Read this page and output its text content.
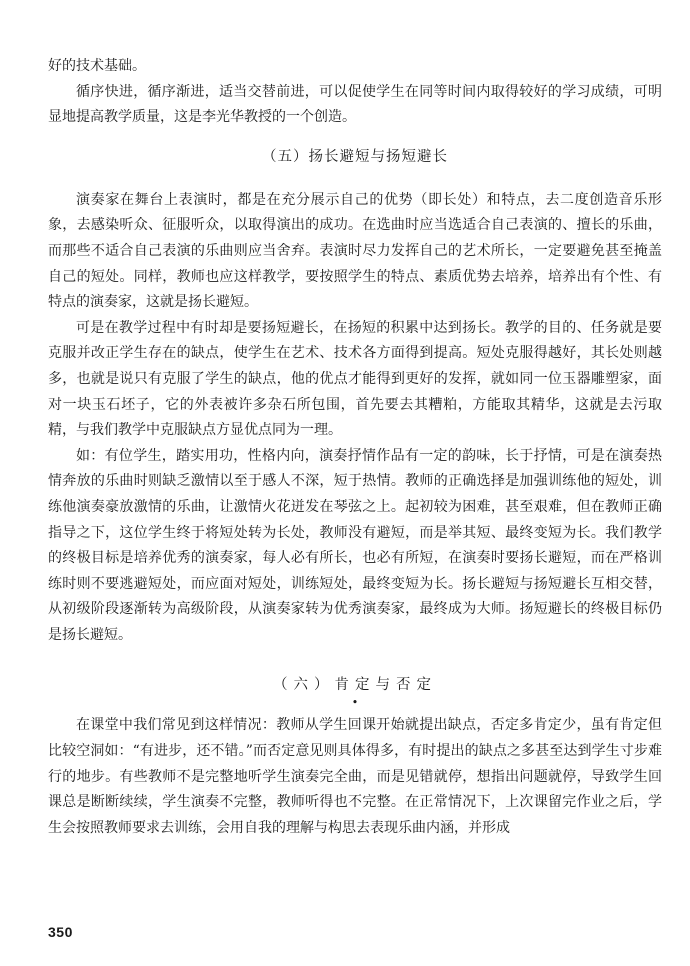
好的技术基础。

循序快进，循序渐进，适当交替前进，可以促使学生在同等时间内取得较好的学习成绩，可明显地提高教学质量，这是李光华教授的一个创造。

（五）扬长避短与扬短避长

演奏家在舞台上表演时，都是在充分展示自己的优势（即长处）和特点，去二度创造音乐形象，去感染听众、征服听众，以取得演出的成功。在选曲时应当选适合自己表演的、擅长的乐曲，而那些不适合自己表演的乐曲则应当舍弃。表演时尽力发挥自己的艺术所长，一定要避免甚至掩盖自己的短处。同样，教师也应这样教学，要按照学生的特点、素质优势去培养，培养出有个性、有特点的演奏家，这就是扬长避短。

可是在教学过程中有时却是要扬短避长，在扬短的积累中达到扬长。教学的目的、任务就是要克服并改正学生存在的缺点，使学生在艺术、技术各方面得到提高。短处克服得越好，其长处则越多，也就是说只有克服了学生的缺点，他的优点才能得到更好的发挥，就如同一位玉器雕塑家，面对一块玉石坯子，它的外表被许多杂石所包围，首先要去其糟粕，方能取其精华，这就是去污取精，与我们教学中克服缺点方显优点同为一理。

如：有位学生，踏实用功，性格内向，演奏抒情作品有一定的韵味，长于抒情，可是在演奏热情奔放的乐曲时则缺乏激情以至于感人不深，短于热情。教师的正确选择是加强训练他的短处，训练他演奏豪放激情的乐曲，让激情火花迸发在琴弦之上。起初较为困难，甚至艰难，但在教师正确指导之下，这位学生终于将短处转为长处，教师没有避短，而是举其短、最终变短为长。我们教学的终极目标是培养优秀的演奏家，每人必有所长，也必有所短，在演奏时要扬长避短，而在严格训练时则不要逃避短处，而应面对短处，训练短处，最终变短为长。扬长避短与扬短避长互相交替，从初级阶段逐渐转为高级阶段，从演奏家转为优秀演奏家，最终成为大师。扬短避长的终极目标仍是扬长避短。

（六）肯定与否定
•

在课堂中我们常见到这样情况：教师从学生回课开始就提出缺点，否定多肯定少，虽有肯定但比较空洞如：“有进步，还不错。”而否定意见则具体得多，有时提出的缺点之多甚至达到学生寸步难行的地步。有些教师不是完整地听学生演奏完全曲，而是见错就停，想指出问题就停，导致学生回课总是断断续续，学生演奏不完整，教师听得也不完整。在正常情况下，上次课留完作业之后，学生会按照教师要求去训练，会用自我的理解与构思去表现乐曲内涵，并形成

350
